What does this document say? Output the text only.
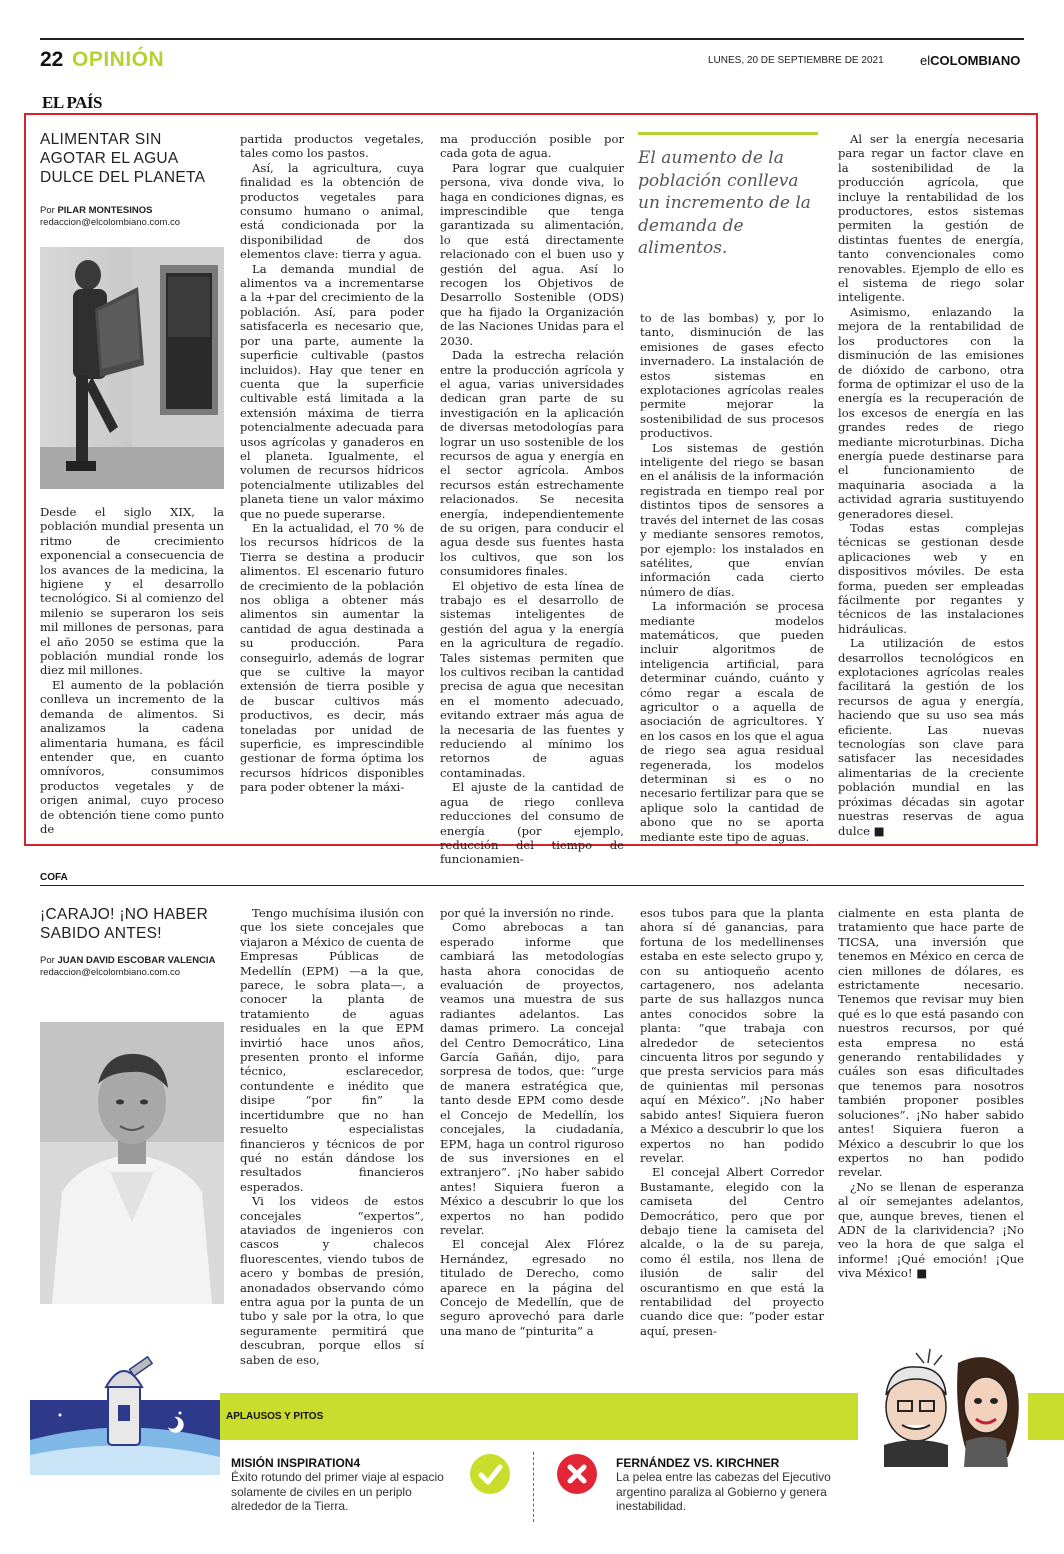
22 OPINIÓN	LUNES, 20 DE SEPTIEMBRE DE 2021	elCOLOMBIANO
EL PAÍS
ALIMENTAR SIN AGOTAR EL AGUA DULCE DEL PLANETA
Por PILAR MONTESINOS
redaccion@elcolombiano.com.co

Desde el siglo XIX, la población mundial presenta un ritmo de crecimiento exponencial a consecuencia de los avances de la medicina, la higiene y el desarrollo tecnológico. Si al comienzo del milenio se superaron los seis mil millones de personas, para el año 2050 se estima que la población mundial ronde los diez mil millones.

El aumento de la población conlleva un incremento de la demanda de alimentos. Si analizamos la cadena alimentaria humana, es fácil entender que, en cuanto omnívoros, consumimos productos vegetales y de origen animal, cuyo proceso de obtención tiene como punto de

partida productos vegetales, tales como los pastos.

Así, la agricultura, cuya finalidad es la obtención de productos vegetales para consumo humano o animal, está condicionada por la disponibilidad de dos elementos clave: tierra y agua.

La demanda mundial de alimentos va a incrementarse a la +par del crecimiento de la población. Así, para poder satisfacerla es necesario que, por una parte, aumente la superficie cultivable (pastos incluidos). Hay que tener en cuenta que la superficie cultivable está limitada a la extensión máxima de tierra potencialmente adecuada para usos agrícolas y ganaderos en el planeta. Igualmente, el volumen de recursos hídricos potencialmente utilizables del planeta tiene un valor máximo que no puede superarse.

En la actualidad, el 70 % de los recursos hídricos de la Tierra se destina a producir alimentos. El escenario futuro de crecimiento de la población nos obliga a obtener más alimentos sin aumentar la cantidad de agua destinada a su producción. Para conseguirlo, además de lograr que se cultive la mayor extensión de tierra posible y de buscar cultivos más productivos, es decir, más toneladas por unidad de superficie, es imprescindible gestionar de forma óptima los recursos hídricos disponibles para poder obtener la máxi-

ma producción posible por cada gota de agua.

Para lograr que cualquier persona, viva donde viva, lo haga en condiciones dignas, es imprescindible que tenga garantizada su alimentación, lo que está directamente relacionado con el buen uso y gestión del agua. Así lo recogen los Objetivos de Desarrollo Sostenible (ODS) que ha fijado la Organización de las Naciones Unidas para el 2030.

Dada la estrecha relación entre la producción agrícola y el agua, varias universidades dedican gran parte de su investigación en la aplicación de diversas metodologías para lograr un uso sostenible de los recursos de agua y energía en el sector agrícola. Ambos recursos están estrechamente relacionados. Se necesita energía, independientemente de su origen, para conducir el agua desde sus fuentes hasta los cultivos, que son los consumidores finales.

El objetivo de esta línea de trabajo es el desarrollo de sistemas inteligentes de gestión del agua y la energía en la agricultura de regadío. Tales sistemas permiten que los cultivos reciban la cantidad precisa de agua que necesitan en el momento adecuado, evitando extraer más agua de la necesaria de las fuentes y reduciendo al mínimo los retornos de aguas contaminadas.

El ajuste de la cantidad de agua de riego conlleva reducciones del consumo de energía (por ejemplo, reducción del tiempo de funcionamien-

El aumento de la población conlleva un incremento de la demanda de alimentos.

to de las bombas) y, por lo tanto, disminución de las emisiones de gases efecto invernadero. La instalación de estos sistemas en explotaciones agrícolas reales permite mejorar la sostenibilidad de sus procesos productivos.

Los sistemas de gestión inteligente del riego se basan en el análisis de la información registrada en tiempo real por distintos tipos de sensores a través del internet de las cosas y mediante sensores remotos, por ejemplo: los instalados en satélites, que envían información cada cierto número de días.

La información se procesa mediante modelos matemáticos, que pueden incluir algoritmos de inteligencia artificial, para determinar cuándo, cuánto y cómo regar a escala de agricultor o a aquella de asociación de agricultores. Y en los casos en los que el agua de riego sea agua residual regenerada, los modelos determinan si es o no necesario fertilizar para que se aplique solo la cantidad de abono que no se aporta mediante este tipo de aguas.

Al ser la energía necesaria para regar un factor clave en la sostenibilidad de la producción agrícola, que incluye la rentabilidad de los productores, estos sistemas permiten la gestión de distintas fuentes de energía, tanto convencionales como renovables. Ejemplo de ello es el sistema de riego solar inteligente.

Asimismo, enlazando la mejora de la rentabilidad de los productores con la disminución de las emisiones de dióxido de carbono, otra forma de optimizar el uso de la energía es la recuperación de los excesos de energía en las grandes redes de riego mediante microturbinas. Dicha energía puede destinarse para el funcionamiento de maquinaria asociada a la actividad agraria sustituyendo generadores diesel.

Todas estas complejas técnicas se gestionan desde aplicaciones web y en dispositivos móviles. De esta forma, pueden ser empleadas fácilmente por regantes y técnicos de las instalaciones hidráulicas.

La utilización de estos desarrollos tecnológicos en explotaciones agrícolas reales facilitará la gestión de los recursos de agua y energía, haciendo que su uso sea más eficiente. Las nuevas tecnologías son clave para satisfacer las necesidades alimentarias de la creciente población mundial en las próximas décadas sin agotar nuestras reservas de agua dulce ■

COFA
¡CARAJO! ¡NO HABER SABIDO ANTES!
Por JUAN DAVID ESCOBAR VALENCIA
redaccion@elcolombiano.com.co

Tengo muchísima ilusión con que los siete concejales que viajaron a México de cuenta de Empresas Públicas de Medellín (EPM) —a la que, parece, le sobra plata—, a conocer la planta de tratamiento de aguas residuales en la que EPM invirtió hace unos años, presenten pronto el informe técnico, esclarecedor, contundente e inédito que disipe “por fin” la incertidumbre que no han resuelto especialistas financieros y técnicos de por qué no están dándose los resultados financieros esperados.

Vi los videos de estos concejales “expertos”, ataviados de ingenieros con cascos y chalecos fluorescentes, viendo tubos de acero y bombas de presión, anonadados observando cómo entra agua por la punta de un tubo y sale por la otra, lo que seguramente permitirá que descubran, porque ellos sí saben de eso,

por qué la inversión no rinde.

Como abrebocas a tan esperado informe que cambiará las metodologías hasta ahora conocidas de evaluación de proyectos, veamos una muestra de sus radiantes adelantos. Las damas primero. La concejal del Centro Democrático, Lina García Gañán, dijo, para sorpresa de todos, que: “urge de manera estratégica que, tanto desde EPM como desde el Concejo de Medellín, los concejales, la ciudadanía, EPM, haga un control riguroso de sus inversiones en el extranjero”. ¡No haber sabido antes! Siquiera fueron a México a descubrir lo que los expertos no han podido revelar.

El concejal Alex Flórez Hernández, egresado no titulado de Derecho, como aparece en la página del Concejo de Medellín, que de seguro aprovechó para darle una mano de “pinturita” a

esos tubos para que la planta ahora sí dé ganancias, para fortuna de los medellinenses estaba en este selecto grupo y, con su antioqueño acento cartagenero, nos adelanta parte de sus hallazgos nunca antes conocidos sobre la planta: “que trabaja con alrededor de setecientos cincuenta litros por segundo y que presta servicios para más de quinientas mil personas aquí en México”. ¡No haber sabido antes! Siquiera fueron a México a descubrir lo que los expertos no han podido revelar.

El concejal Albert Corredor Bustamante, elegido con la camiseta del Centro Democrático, pero que por debajo tiene la camiseta del alcalde, o la de su pareja, como él estila, nos llena de ilusión de salir del oscurantismo en que está la rentabilidad del proyecto cuando dice que: “poder estar aquí, presen-

cialmente en esta planta de tratamiento que hace parte de TICSA, una inversión que tenemos en México en cerca de cien millones de dólares, es estrictamente necesario. Tenemos que revisar muy bien qué es lo que está pasando con nuestros recursos, por qué esta empresa no está generando rentabilidades y cuáles son esas dificultades que tenemos para nosotros también proponer posibles soluciones”. ¡No haber sabido antes! Siquiera fueron a México a descubrir lo que los expertos no han podido revelar.

¿No se llenan de esperanza al oír semejantes adelantos, que, aunque breves, tienen el ADN de la clarividencia? ¡No veo la hora de que salga el informe! ¡Qué emoción! ¡Que viva México! ■

APLAUSOS Y PITOS
MISIÓN INSPIRATION4
Éxito rotundo del primer viaje al espacio solamente de civiles en un periplo alrededor de la Tierra.
FERNÁNDEZ VS. KIRCHNER
La pelea entre las cabezas del Ejecutivo argentino paraliza al Gobierno y genera inestabilidad.
